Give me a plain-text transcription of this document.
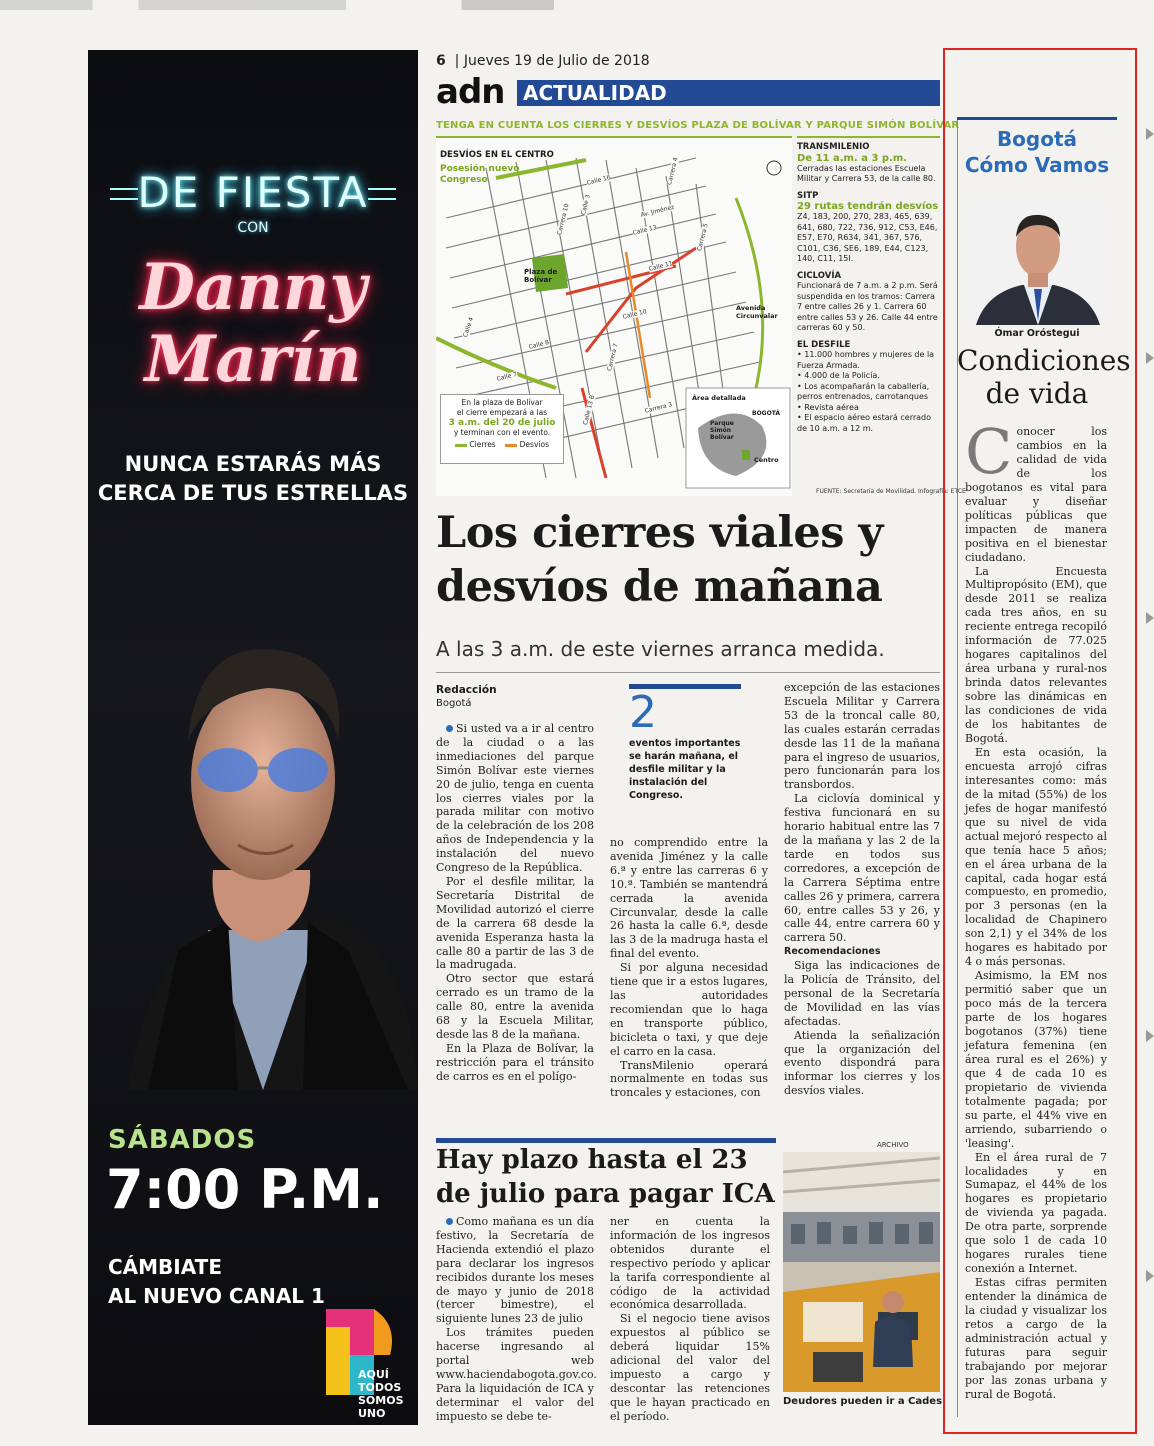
DE FIESTA
CON
Danny
Marín
NUNCA ESTARÁS MÁS
CERCA DE TUS ESTRELLAS
SÁBADOS
7:00 P.M.
CÁMBIATE
AL NUEVO CANAL 1
AQUÍ
TODOS
SOMOS
UNO
6  | Jueves 19 de Julio de 2018
adn ACTUALIDAD
TENGA EN CUENTA LOS CIERRES Y DESVÍOS PLAZA DE BOLÍVAR Y PARQUE SIMÓN BOLÍVAR
DESVÍOS EN EL CENTRO
Posesión nuevo Congreso
Plaza de Bolívar
Avenida Circunvalar
Área detallada
BOGOTÁ
Parque Simón Bolívar
Centro
Calle 16
Calle 13
Calle 11
Calle 10
Calle 8
Calle 7
Calle 4
Calle 3
Carrera 10
Carrera 7
Carrera 4
Carrera 5
Av. Jiménez
Calle 13 B	Carrera 3
En la plaza de Bolívar
el cierre empezará a las
3 a.m. del 20 de julio
y terminan con el evento.
Cierres	Desvíos
TRANSMILENIO
De 11 a.m. a 3 p.m.
Cerradas las estaciones Escuela Militar y Carrera 53, de la calle 80.
SITP
29 rutas tendrán desvíos
Z4, 183, 200, 270, 283, 465, 639, 641, 680, 722, 736, 912, C53, E46, E57, E70, R634, 341, 367, 576, C101, C36, SE6, 189, E44, C123, 140, C11, 15I.
CICLOVÍA
Funcionará de 7 a.m. a 2 p.m. Será suspendida en los tramos: Carrera 7 entre calles 26 y 1. Carrera 60 entre calles 53 y 26. Calle 44 entre carreras 60 y 50.
EL DESFILE
• 11.000 hombres y mujeres de la Fuerza Armada.
• 4.000 de la Policía.
• Los acompañarán la caballería, perros entrenados, carrotanques
• Revista aérea
• El espacio aéreo estará cerrado de 10 a.m. a 12 m.
FUENTE: Secretaría de Movilidad. Infografía: ETCE
Los cierres viales y desvíos de mañana
A las 3 a.m. de este viernes arranca medida.
Redacción
Bogotá

Si usted va a ir al centro de la ciudad o a las inmediaciones del parque Simón Bolívar este viernes 20 de julio, tenga en cuenta los cierres viales por la parada militar con motivo de la celebración de los 208 años de Independencia y la instalación del nuevo Congreso de la República.

Por el desfile militar, la Secretaría Distrital de Movilidad autorizó el cierre de la carrera 68 desde la avenida Esperanza hasta la calle 80 a partir de las 3 de la madrugada.

Otro sector que estará cerrado es un tramo de la calle 80, entre la avenida 68 y la Escuela Militar, desde las 8 de la mañana.

En la Plaza de Bolívar, la restricción para el tránsito de carros es en el polígo-

2
eventos importantes se harán mañana, el desfile militar y la instalación del Congreso.

no comprendido entre la avenida Jiménez y la calle 6.ª y entre las carreras 6 y 10.ª. También se mantendrá cerrada la avenida Circunvalar, desde la calle 26 hasta la calle 6.ª, desde las 3 de la madruga hasta el final del evento.

Si por alguna necesidad tiene que ir a estos lugares, las autoridades recomiendan que lo haga en transporte público, bicicleta o taxi, y que deje el carro en la casa.

TransMilenio operará normalmente en todas sus troncales y estaciones, con

excepción de las estaciones Escuela Militar y Carrera 53 de la troncal calle 80, las cuales estarán cerradas desde las 11 de la mañana para el ingreso de usuarios, pero funcionarán para los transbordos.

La ciclovía dominical y festiva funcionará en su horario habitual entre las 7 de la mañana y las 2 de la tarde en todos sus corredores, a excepción de la Carrera Séptima entre calles 26 y primera, carrera 60, entre calles 53 y 26, y calle 44, entre carrera 60 y carrera 50.

Recomendaciones

Siga las indicaciones de la Policía de Tránsito, del personal de la Secretaría de Movilidad en las vías afectadas.

Atienda la señalización que la organización del evento dispondrá para informar los cierres y los desvíos viales.

Hay plazo hasta el 23 de julio para pagar ICA

Como mañana es un día festivo, la Secretaría de Hacienda extendió el plazo para declarar los ingresos recibidos durante los meses de mayo y junio de 2018 (tercer bimestre), el siguiente lunes 23 de julio

Los trámites pueden hacerse ingresando al portal web www.haciendabogota.gov.co. Para la liquidación de ICA y determinar el valor del impuesto se debe te-

ner en cuenta la información de los ingresos obtenidos durante el respectivo período y aplicar la tarifa correspondiente al código de la actividad económica desarrollada.

Si el negocio tiene avisos expuestos al público se deberá liquidar 15% adicional del valor del impuesto a cargo y descontar las retenciones que le hayan practicado en el período.

ARCHIVO
Deudores pueden ir a Cades.
Bogotá
Cómo Vamos
Ómar Oróstegui
Condiciones
de vida

Conocer los cambios en la calidad de vida de los bogotanos es vital para evaluar y diseñar políticas públicas que impacten de manera positiva en el bienestar ciudadano.

La Encuesta Multipropósito (EM), que desde 2011 se realiza cada tres años, en su reciente entrega recopiló información de 77.025 hogares capitalinos del área urbana y rural-nos brinda datos relevantes sobre las dinámicas en las condiciones de vida de los habitantes de Bogotá.

En esta ocasión, la encuesta arrojó cifras interesantes como: más de la mitad (55%) de los jefes de hogar manifestó que su nivel de vida actual mejoró respecto al que tenía hace 5 años; en el área urbana de la capital, cada hogar está compuesto, en promedio, por 3 personas (en la localidad de Chapinero son 2,1) y el 34% de los hogares es habitado por 4 o más personas.

Asimismo, la EM nos permitió saber que un poco más de la tercera parte de los hogares bogotanos (37%) tiene jefatura femenina (en área rural es el 26%) y que 4 de cada 10 es propietario de vivienda totalmente pagada; por su parte, el 44% vive en arriendo, subarriendo o 'leasing'.

En el área rural de 7 localidades y en Sumapaz, el 44% de los hogares es propietario de vivienda ya pagada. De otra parte, sorprende que solo 1 de cada 10 hogares rurales tiene conexión a Internet.

Estas cifras permiten entender la dinámica de la ciudad y visualizar los retos a cargo de la administración actual y futuras para seguir trabajando por mejorar por las zonas urbana y rural de Bogotá.
